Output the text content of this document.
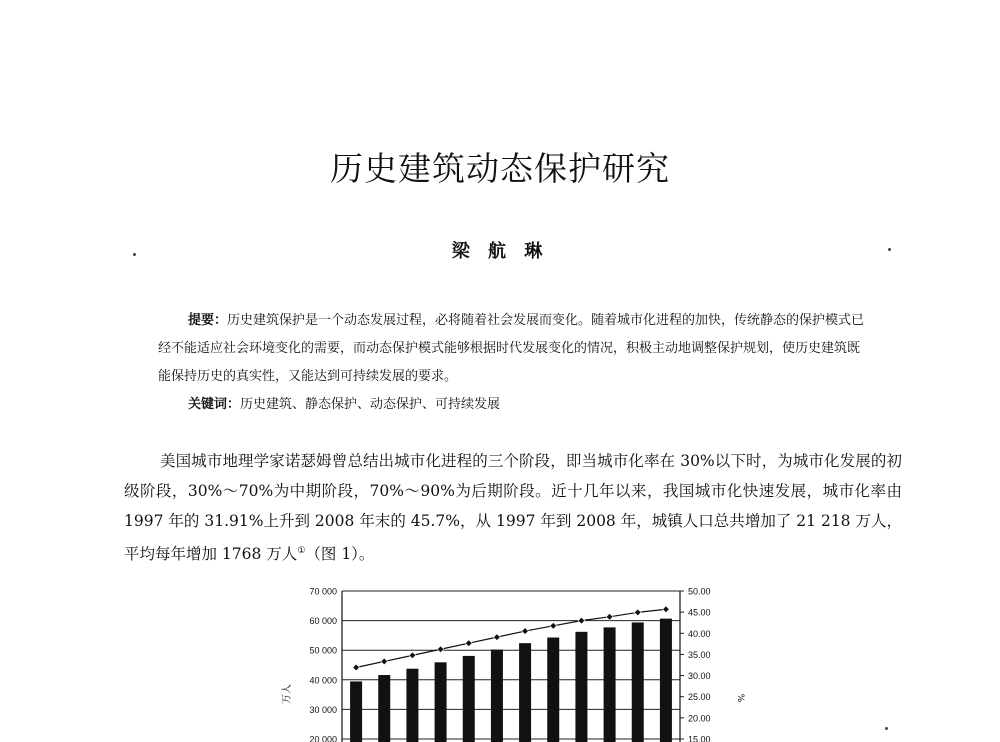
历史建筑动态保护研究
梁 航 琳

提要：历史建筑保护是一个动态发展过程，必将随着社会发展而变化。随着城市化进程的加快，传统静态的保护模式已经不能适应社会环境变化的需要，而动态保护模式能够根据时代发展变化的情况，积极主动地调整保护规划，使历史建筑既能保持历史的真实性，又能达到可持续发展的要求。

关键词：历史建筑、静态保护、动态保护、可持续发展

美国城市地理学家诺瑟姆曾总结出城市化进程的三个阶段，即当城市化率在 30%以下时，为城市化发展的初级阶段，30%～70%为中期阶段，70%～90%为后期阶段。近十几年以来，我国城市化快速发展，城市化率由 1997 年的 31.91%上升到 2008 年末的 45.7%，从 1997 年到 2008 年，城镇人口总共增加了 21 218 万人，平均每年增加 1768 万人①（图 1）。

70 000
60 000
50 000
40 000
30 000
20 000
50.00
45.00
40.00
35.00
30.00
25.00
20.00
15.00
万人	%
